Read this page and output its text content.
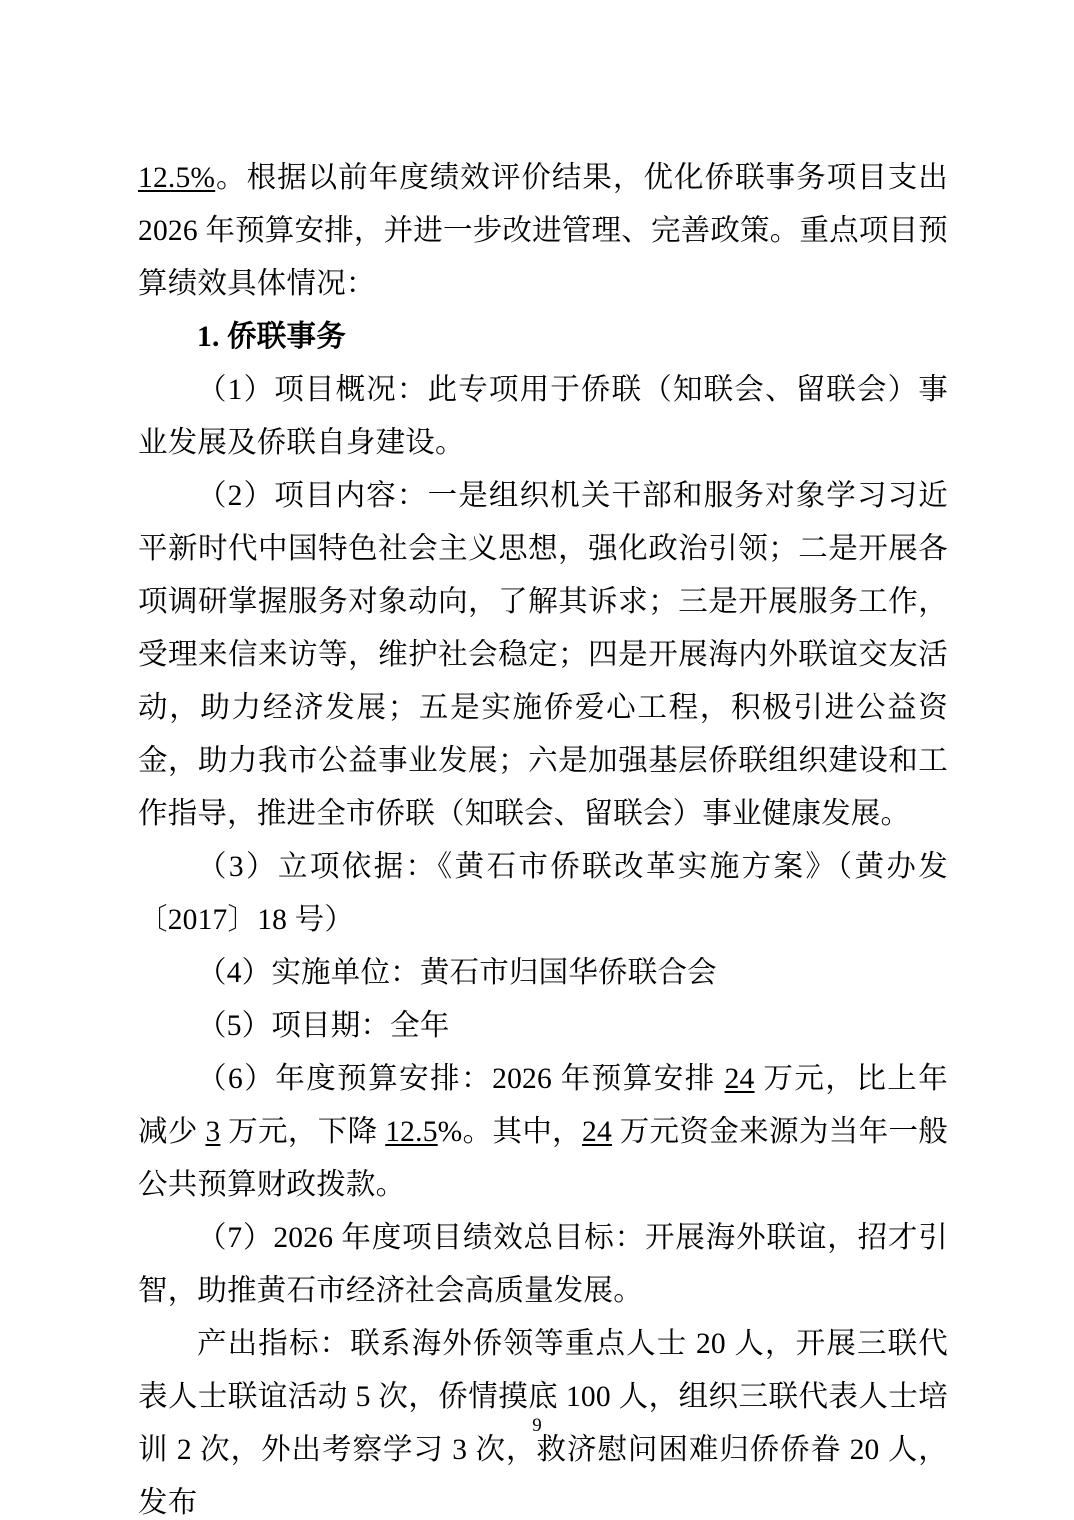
12.5%。根据以前年度绩效评价结果，优化侨联事务项目支出 2026 年预算安排，并进一步改进管理、完善政策。重点项目预算绩效具体情况：

1. 侨联事务

（1）项目概况：此专项用于侨联（知联会、留联会）事业发展及侨联自身建设。

（2）项目内容：一是组织机关干部和服务对象学习习近平新时代中国特色社会主义思想，强化政治引领；二是开展各项调研掌握服务对象动向，了解其诉求；三是开展服务工作，受理来信来访等，维护社会稳定；四是开展海内外联谊交友活动，助力经济发展；五是实施侨爱心工程，积极引进公益资金，助力我市公益事业发展；六是加强基层侨联组织建设和工作指导，推进全市侨联（知联会、留联会）事业健康发展。

（3）立项依据：《黄石市侨联改革实施方案》（黄办发〔2017〕18 号）

（4）实施单位：黄石市归国华侨联合会

（5）项目期：全年

（6）年度预算安排：2026 年预算安排 24 万元，比上年减少 3 万元，下降 12.5%。其中，24 万元资金来源为当年一般公共预算财政拨款。

（7）2026 年度项目绩效总目标：开展海外联谊，招才引智，助推黄石市经济社会高质量发展。

产出指标：联系海外侨领等重点人士 20 人，开展三联代表人士联谊活动 5 次，侨情摸底 100 人，组织三联代表人士培训 2 次，外出考察学习 3 次，救济慰问困难归侨侨眷 20 人，发布

9
